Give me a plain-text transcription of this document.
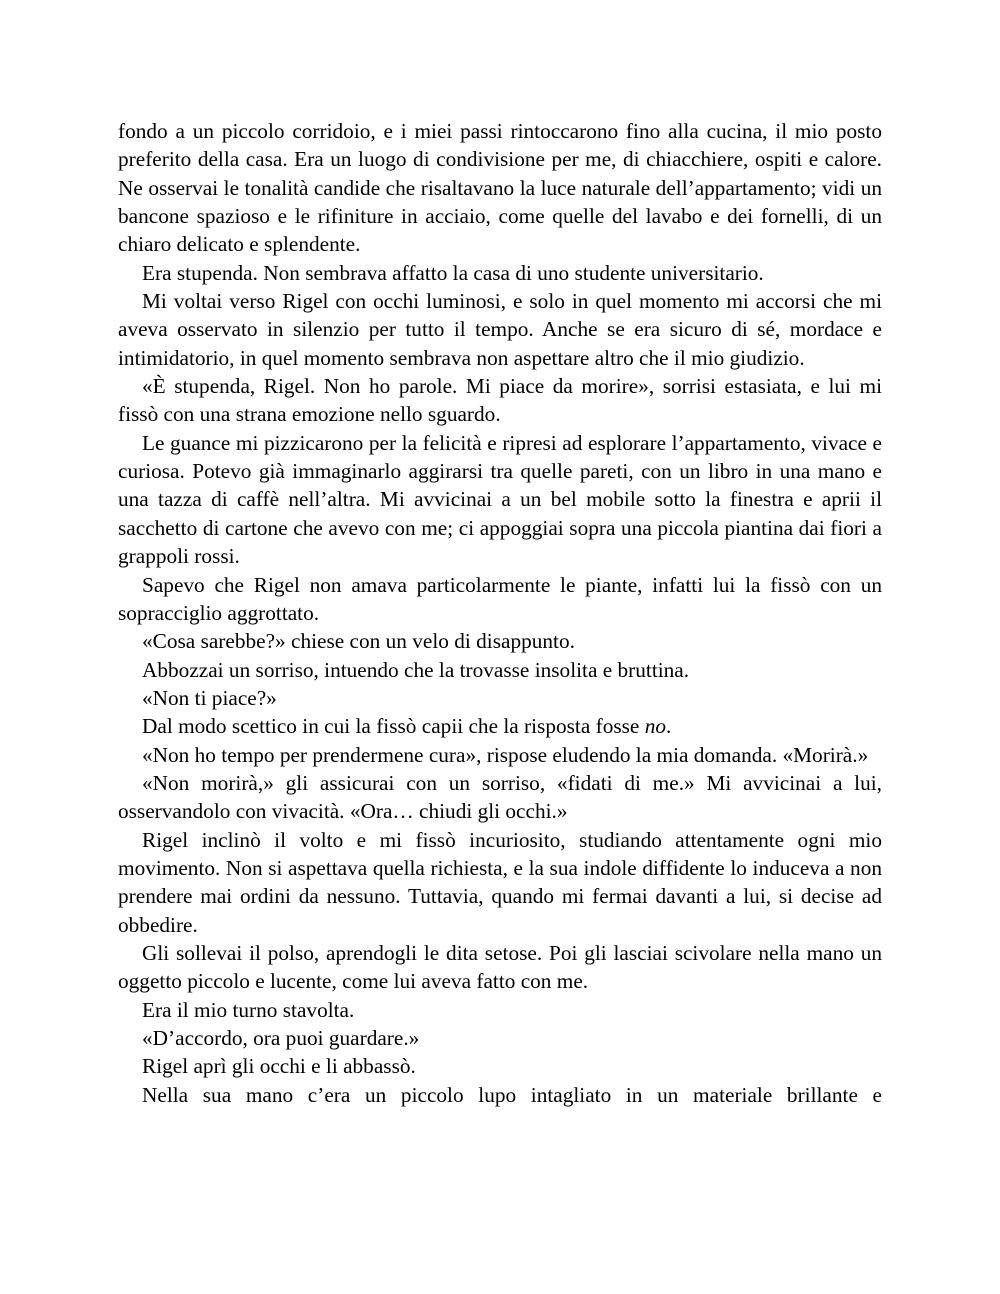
fondo a un piccolo corridoio, e i miei passi rintoccarono fino alla cucina, il mio posto preferito della casa. Era un luogo di condivisione per me, di chiacchiere, ospiti e calore. Ne osservai le tonalità candide che risaltavano la luce naturale dell’appartamento; vidi un bancone spazioso e le rifiniture in acciaio, come quelle del lavabo e dei fornelli, di un chiaro delicato e splendente.

Era stupenda. Non sembrava affatto la casa di uno studente universitario.

Mi voltai verso Rigel con occhi luminosi, e solo in quel momento mi accorsi che mi aveva osservato in silenzio per tutto il tempo. Anche se era sicuro di sé, mordace e intimidatorio, in quel momento sembrava non aspettare altro che il mio giudizio.

«È stupenda, Rigel. Non ho parole. Mi piace da morire», sorrisi estasiata, e lui mi fissò con una strana emozione nello sguardo.

Le guance mi pizzicarono per la felicità e ripresi ad esplorare l’appartamento, vivace e curiosa. Potevo già immaginarlo aggirarsi tra quelle pareti, con un libro in una mano e una tazza di caffè nell’altra. Mi avvicinai a un bel mobile sotto la finestra e aprii il sacchetto di cartone che avevo con me; ci appoggiai sopra una piccola piantina dai fiori a grappoli rossi.

Sapevo che Rigel non amava particolarmente le piante, infatti lui la fissò con un sopracciglio aggrottato.

«Cosa sarebbe?» chiese con un velo di disappunto.

Abbozzai un sorriso, intuendo che la trovasse insolita e bruttina.

«Non ti piace?»

Dal modo scettico in cui la fissò capii che la risposta fosse no.

«Non ho tempo per prendermene cura», rispose eludendo la mia domanda. «Morirà.»

«Non morirà,» gli assicurai con un sorriso, «fidati di me.» Mi avvicinai a lui, osservandolo con vivacità. «Ora… chiudi gli occhi.»

Rigel inclinò il volto e mi fissò incuriosito, studiando attentamente ogni mio movimento. Non si aspettava quella richiesta, e la sua indole diffidente lo induceva a non prendere mai ordini da nessuno. Tuttavia, quando mi fermai davanti a lui, si decise ad obbedire.

Gli sollevai il polso, aprendogli le dita setose. Poi gli lasciai scivolare nella mano un oggetto piccolo e lucente, come lui aveva fatto con me.

Era il mio turno stavolta.

«D’accordo, ora puoi guardare.»

Rigel aprì gli occhi e li abbassò.

Nella sua mano c’era un piccolo lupo intagliato in un materiale brillante e
